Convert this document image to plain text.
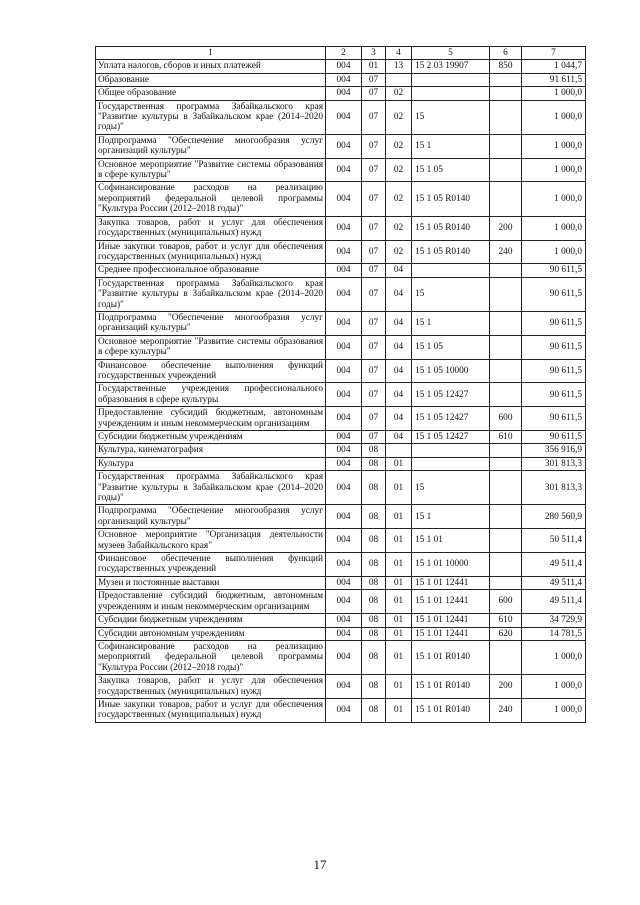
1	2	3	4	5	6	7
Уплата налогов, сборов и иных платежей	004	01	13	15 2 03 19907	850	1 044,7
Образование	004	07				91 611,5
Общее образование	004	07	02			1 000,0
Государственная программа Забайкальского края "Развитие культуры в Забайкальском крае (2014–2020 годы)"	004	07	02	15		1 000,0
Подпрограмма "Обеспечение многообразия услуг организаций культуры"	004	07	02	15 1		1 000,0
Основное мероприятие "Развитие системы образования в сфере культуры"	004	07	02	15 1 05		1 000,0
Софинансирование расходов на реализацию мероприятий федеральной целевой программы "Культура России (2012–2018 годы)"	004	07	02	15 1 05 R0140		1 000,0
Закупка товаров, работ и услуг для обеспечения государственных (муниципальных) нужд	004	07	02	15 1 05 R0140	200	1 000,0
Иные закупки товаров, работ и услуг для обеспечения государственных (муниципальных) нужд	004	07	02	15 1 05 R0140	240	1 000,0
Среднее профессиональное образование	004	07	04			90 611,5
Государственная программа Забайкальского края "Развитие культуры в Забайкальском крае (2014–2020 годы)"	004	07	04	15		90 611,5
Подпрограмма "Обеспечение многообразия услуг организаций культуры"	004	07	04	15 1		90 611,5
Основное мероприятие "Развитие системы образования в сфере культуры"	004	07	04	15 1 05		90 611,5
Финансовое обеспечение выполнения функций государственных учреждений	004	07	04	15 1 05 10000		90 611,5
Государственные учреждения профессионального образования в сфере культуры	004	07	04	15 1 05 12427		90 611,5
Предоставление субсидий бюджетным, автономным учреждениям и иным некоммерческим организациям	004	07	04	15 1 05 12427	600	90 611,5
Субсидии бюджетным учреждениям	004	07	04	15 1 05 12427	610	90 611,5
Культура, кинематография	004	08				356 916,9
Культура	004	08	01			301 813,3
Государственная программа Забайкальского края "Развитие культуры в Забайкальском крае (2014–2020 годы)"	004	08	01	15		301 813,3
Подпрограмма "Обеспечение многообразия услуг организаций культуры"	004	08	01	15 1		280 560,9
Основное мероприятие "Организация деятельности музеев Забайкальского края"	004	08	01	15 1 01		50 511,4
Финансовое обеспечение выполнения функций государственных учреждений	004	08	01	15 1 01 10000		49 511,4
Музеи и постоянные выставки	004	08	01	15 1 01 12441		49 511,4
Предоставление субсидий бюджетным, автономным учреждениям и иным некоммерческим организациям	004	08	01	15 1 01 12441	600	49 511,4
Субсидии бюджетным учреждениям	004	08	01	15 1 01 12441	610	34 729,9
Субсидии автономным учреждениям	004	08	01	15 1 01 12441	620	14 781,5
Софинансирование расходов на реализацию мероприятий федеральной целевой программы "Культура России (2012–2018 годы)"	004	08	01	15 1 01 R0140		1 000,0
Закупка товаров, работ и услуг для обеспечения государственных (муниципальных) нужд	004	08	01	15 1 01 R0140	200	1 000,0
Иные закупки товаров, работ и услуг для обеспечения государственных (муниципальных) нужд	004	08	01	15 1 01 R0140	240	1 000,0
17
